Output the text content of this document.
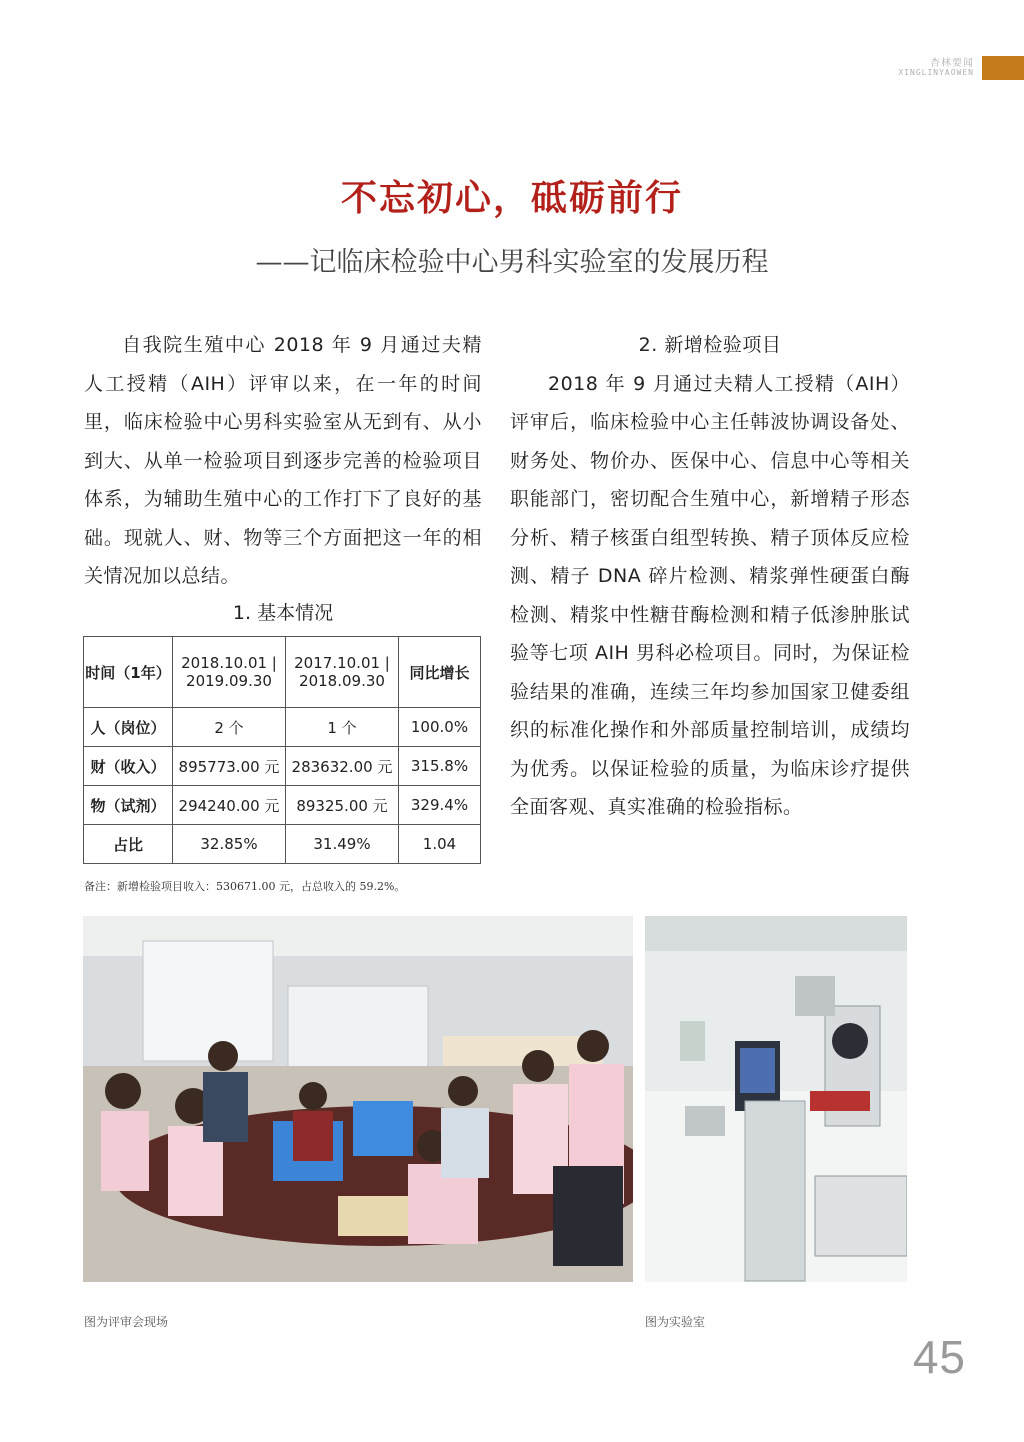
杏林要闻
XINGLINYAOWEN
不忘初心，砥砺前行
——记临床检验中心男科实验室的发展历程

自我院生殖中心 2018 年 9 月通过夫精人工授精（AIH）评审以来，在一年的时间里，临床检验中心男科实验室从无到有、从小到大、从单一检验项目到逐步完善的检验项目体系，为辅助生殖中心的工作打下了良好的基础。现就人、财、物等三个方面把这一年的相关情况加以总结。

1. 基本情况

时间（1年）	2018.10.01 | 2019.09.30	2017.10.01 | 2018.09.30	同比增长
人（岗位）	2 个	1 个	100.0%
财（收入）	895773.00 元	283632.00 元	315.8%
物（试剂）	294240.00 元	89325.00 元	329.4%
占比	32.85%	31.49%	1.04
备注：新增检验项目收入：530671.00 元，占总收入的 59.2%。

2. 新增检验项目

2018 年 9 月通过夫精人工授精（AIH）评审后，临床检验中心主任韩波协调设备处、财务处、物价办、医保中心、信息中心等相关职能部门，密切配合生殖中心，新增精子形态分析、精子核蛋白组型转换、精子顶体反应检测、精子 DNA 碎片检测、精浆弹性硬蛋白酶检测、精浆中性糖苷酶检测和精子低渗肿胀试验等七项 AIH 男科必检项目。同时，为保证检验结果的准确，连续三年均参加国家卫健委组织的标准化操作和外部质量控制培训，成绩均为优秀。以保证检验的质量，为临床诊疗提供全面客观、真实准确的检验指标。

图为评审会现场	图为实验室
45
